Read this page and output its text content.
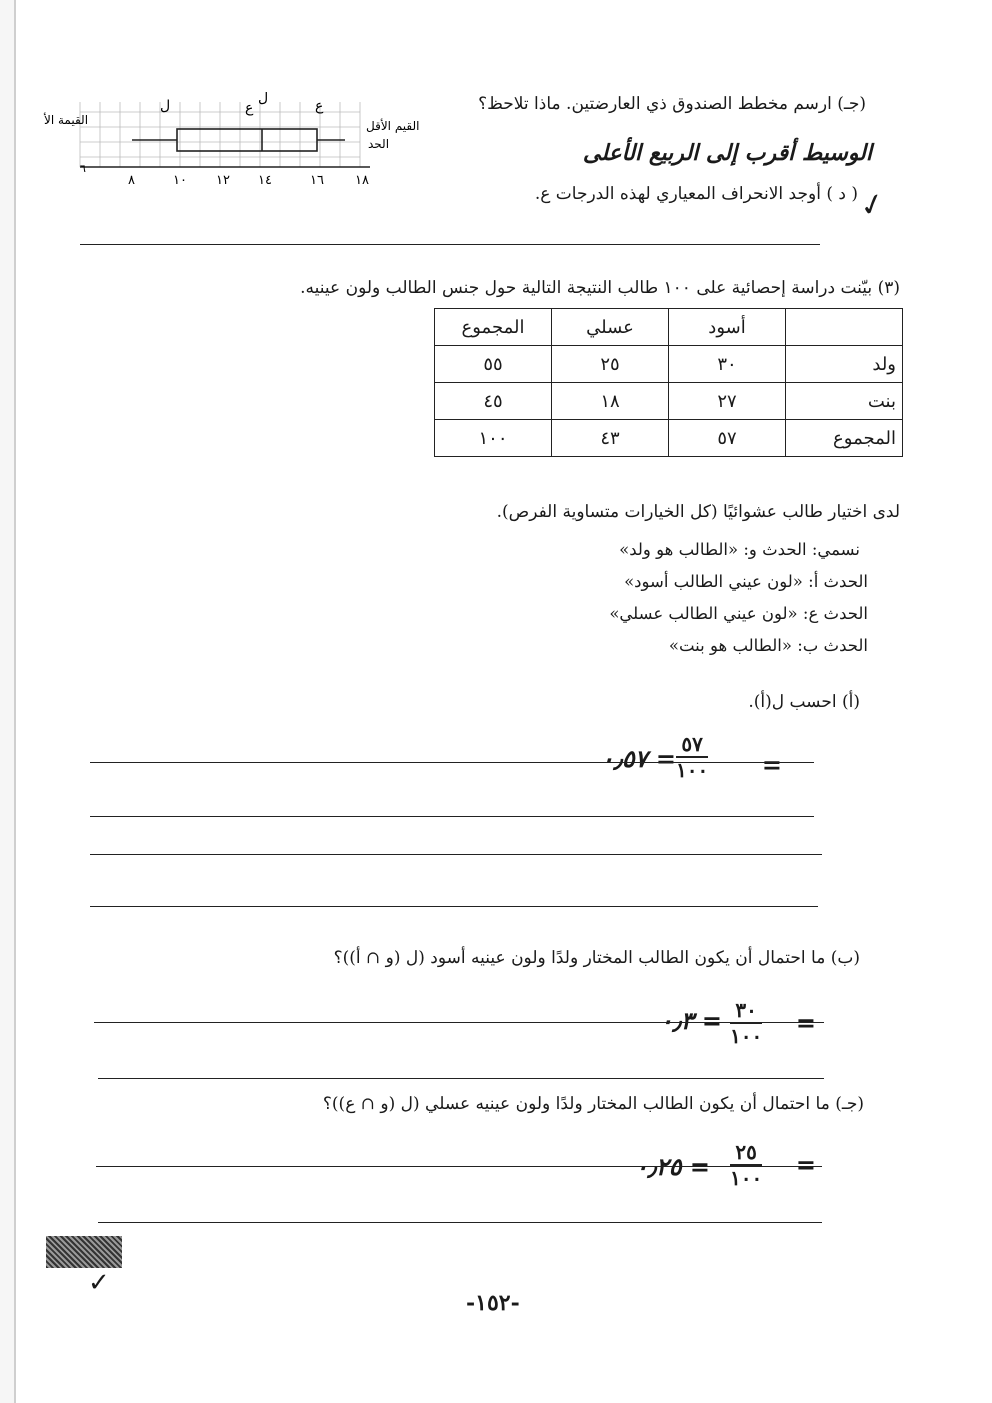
(جـ) ارسم مخطط الصندوق ذي العارضتين. ماذا تلاحظ؟
الوسيط أقرب إلى الربيع الأعلى
٦
٨	١٠ ١٢ ١٤	١٦ ١٨
ل	ع
ل	ع
القيم الأقل
الحد
القيمة الأ
✓
( د ) أوجد الانحراف المعياري لهذه الدرجات ع.
(٣) بيّنت دراسة إحصائية على ١٠٠ طالب النتيجة التالية حول جنس الطالب ولون عينيه.
	أسود	عسلي	المجموع
ولد	٣٠	٢٥	٥٥
بنت	٢٧	١٨	٤٥
المجموع	٥٧	٤٣	١٠٠
لدى اختيار طالب عشوائيًا (كل الخيارات متساوية الفرص).
نسمي: الحدث و: «الطالب هو ولد»
الحدث أ: «لون عيني الطالب أسود»
الحدث ع: «لون عيني الطالب عسلي»
الحدث ب: «الطالب هو بنت»
(أ) احسب ل(أ).
٥٧
١٠٠
= ٠٫٥٧	=
(ب) ما احتمال أن يكون الطالب المختار ولدًا ولون عينيه أسود (ل (و ∩ أ))؟
٣٠
١٠٠
= ٠٫٣	=
(جـ) ما احتمال أن يكون الطالب المختار ولدًا ولون عينيه عسلي (ل (و ∩ ع))؟
٢٥
١٠٠
= ٠٫٢٥	=
✓
-١٥٢-
